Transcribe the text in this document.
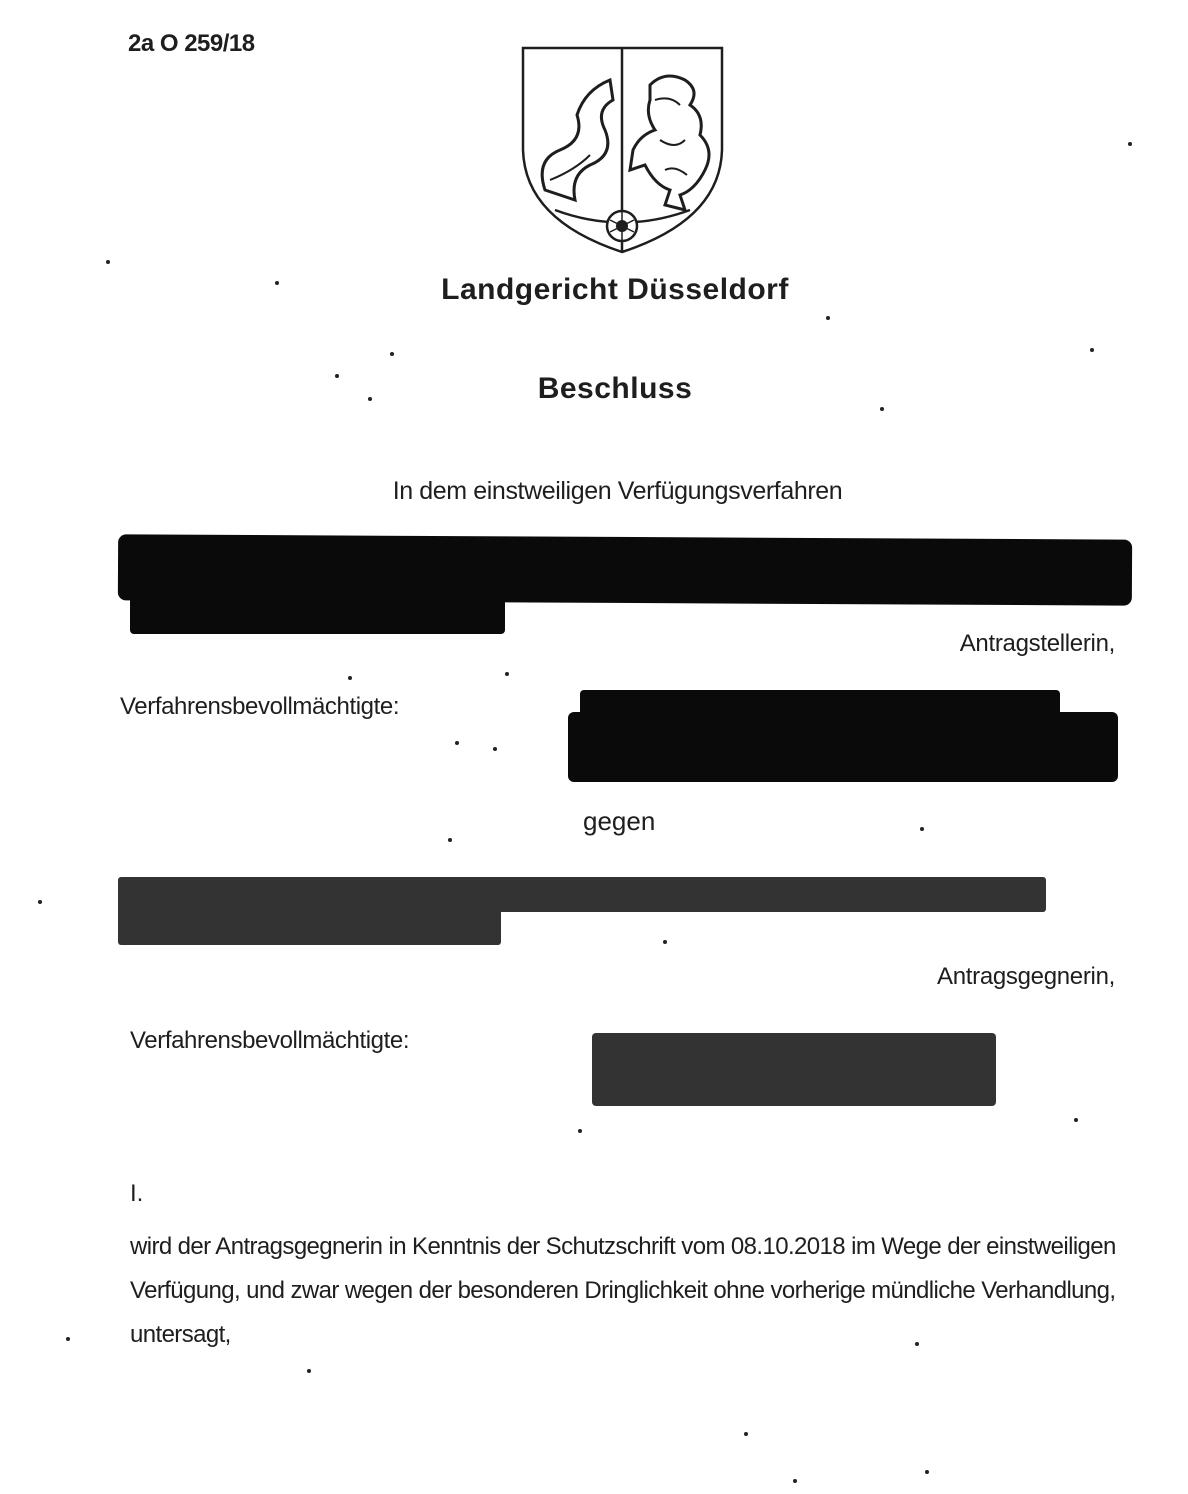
2a O 259/18
Landgericht Düsseldorf
Beschluss
In dem einstweiligen Verfügungsverfahren
Antragstellerin,
Verfahrensbevollmächtigte:
gegen
Antragsgegnerin,
Verfahrensbevollmächtigte:
I.
wird der Antragsgegnerin in Kenntnis der Schutzschrift vom 08.10.2018 im Wege der einstweiligen Verfügung, und zwar wegen der besonderen Dringlichkeit ohne vorherige mündliche Verhandlung, untersagt,
